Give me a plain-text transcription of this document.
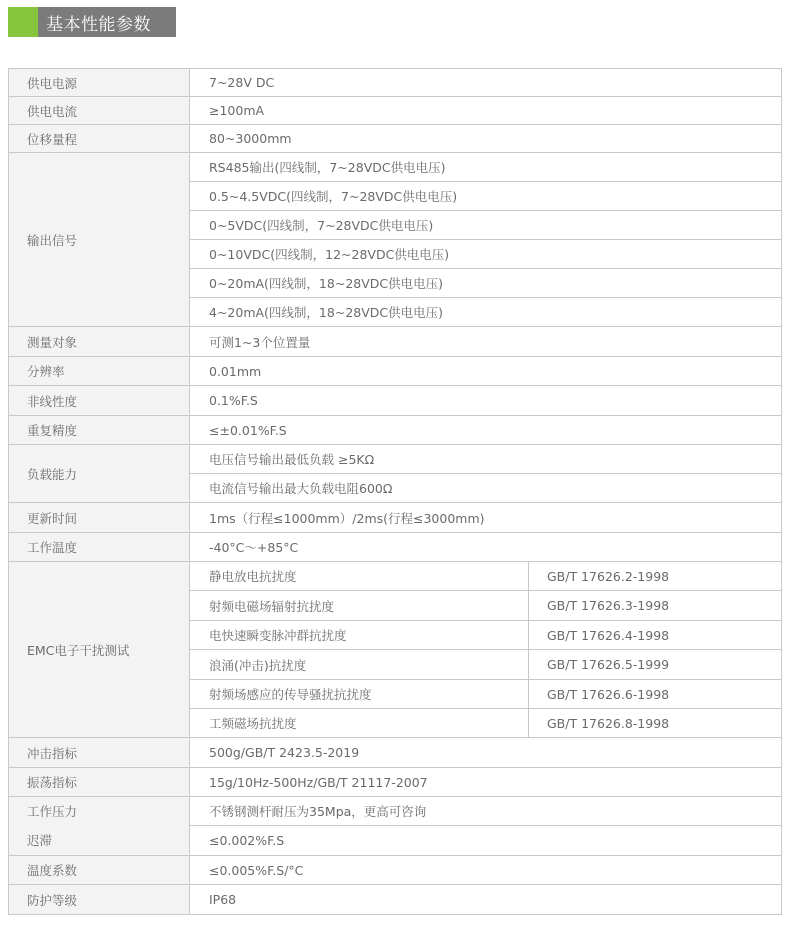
基本性能参数
供电电源	7~28V DC	
供电电流	≥100mA	
位移量程	80~3000mm	
输出信号	RS485输出(四线制，7~28VDC供电电压)	
	0.5~4.5VDC(四线制，7~28VDC供电电压)	
	0~5VDC(四线制，7~28VDC供电电压)	
	0~10VDC(四线制，12~28VDC供电电压)	
	0~20mA(四线制，18~28VDC供电电压)	
	4~20mA(四线制，18~28VDC供电电压)	
测量对象	可测1~3个位置量	
分辨率	0.01mm	
非线性度	0.1%F.S	
重复精度	≤±0.01%F.S	
负载能力	电压信号输出最低负载 ≥5KΩ	
	电流信号输出最大负载电阻600Ω	
更新时间	1ms（行程≤1000mm）/2ms(行程≤3000mm)	
工作温度	-40°C～+85°C	
EMC电子干扰测试	静电放电抗扰度	GB/T 17626.2-1998
	射频电磁场辐射抗扰度	GB/T 17626.3-1998
	电快速瞬变脉冲群抗扰度	GB/T 17626.4-1998
	浪涌(冲击)抗扰度	GB/T 17626.5-1999
	射频场感应的传导骚扰抗扰度	GB/T 17626.6-1998
	工频磁场抗扰度	GB/T 17626.8-1998
冲击指标	500g/GB/T 2423.5-2019	
振荡指标	15g/10Hz-500Hz/GB/T 21117-2007	
工作压力	不锈钢测杆耐压为35Mpa，更高可咨询	
迟滞	≤0.002%F.S	
温度系数	≤0.005%F.S/°C	
防护等级	IP68	
